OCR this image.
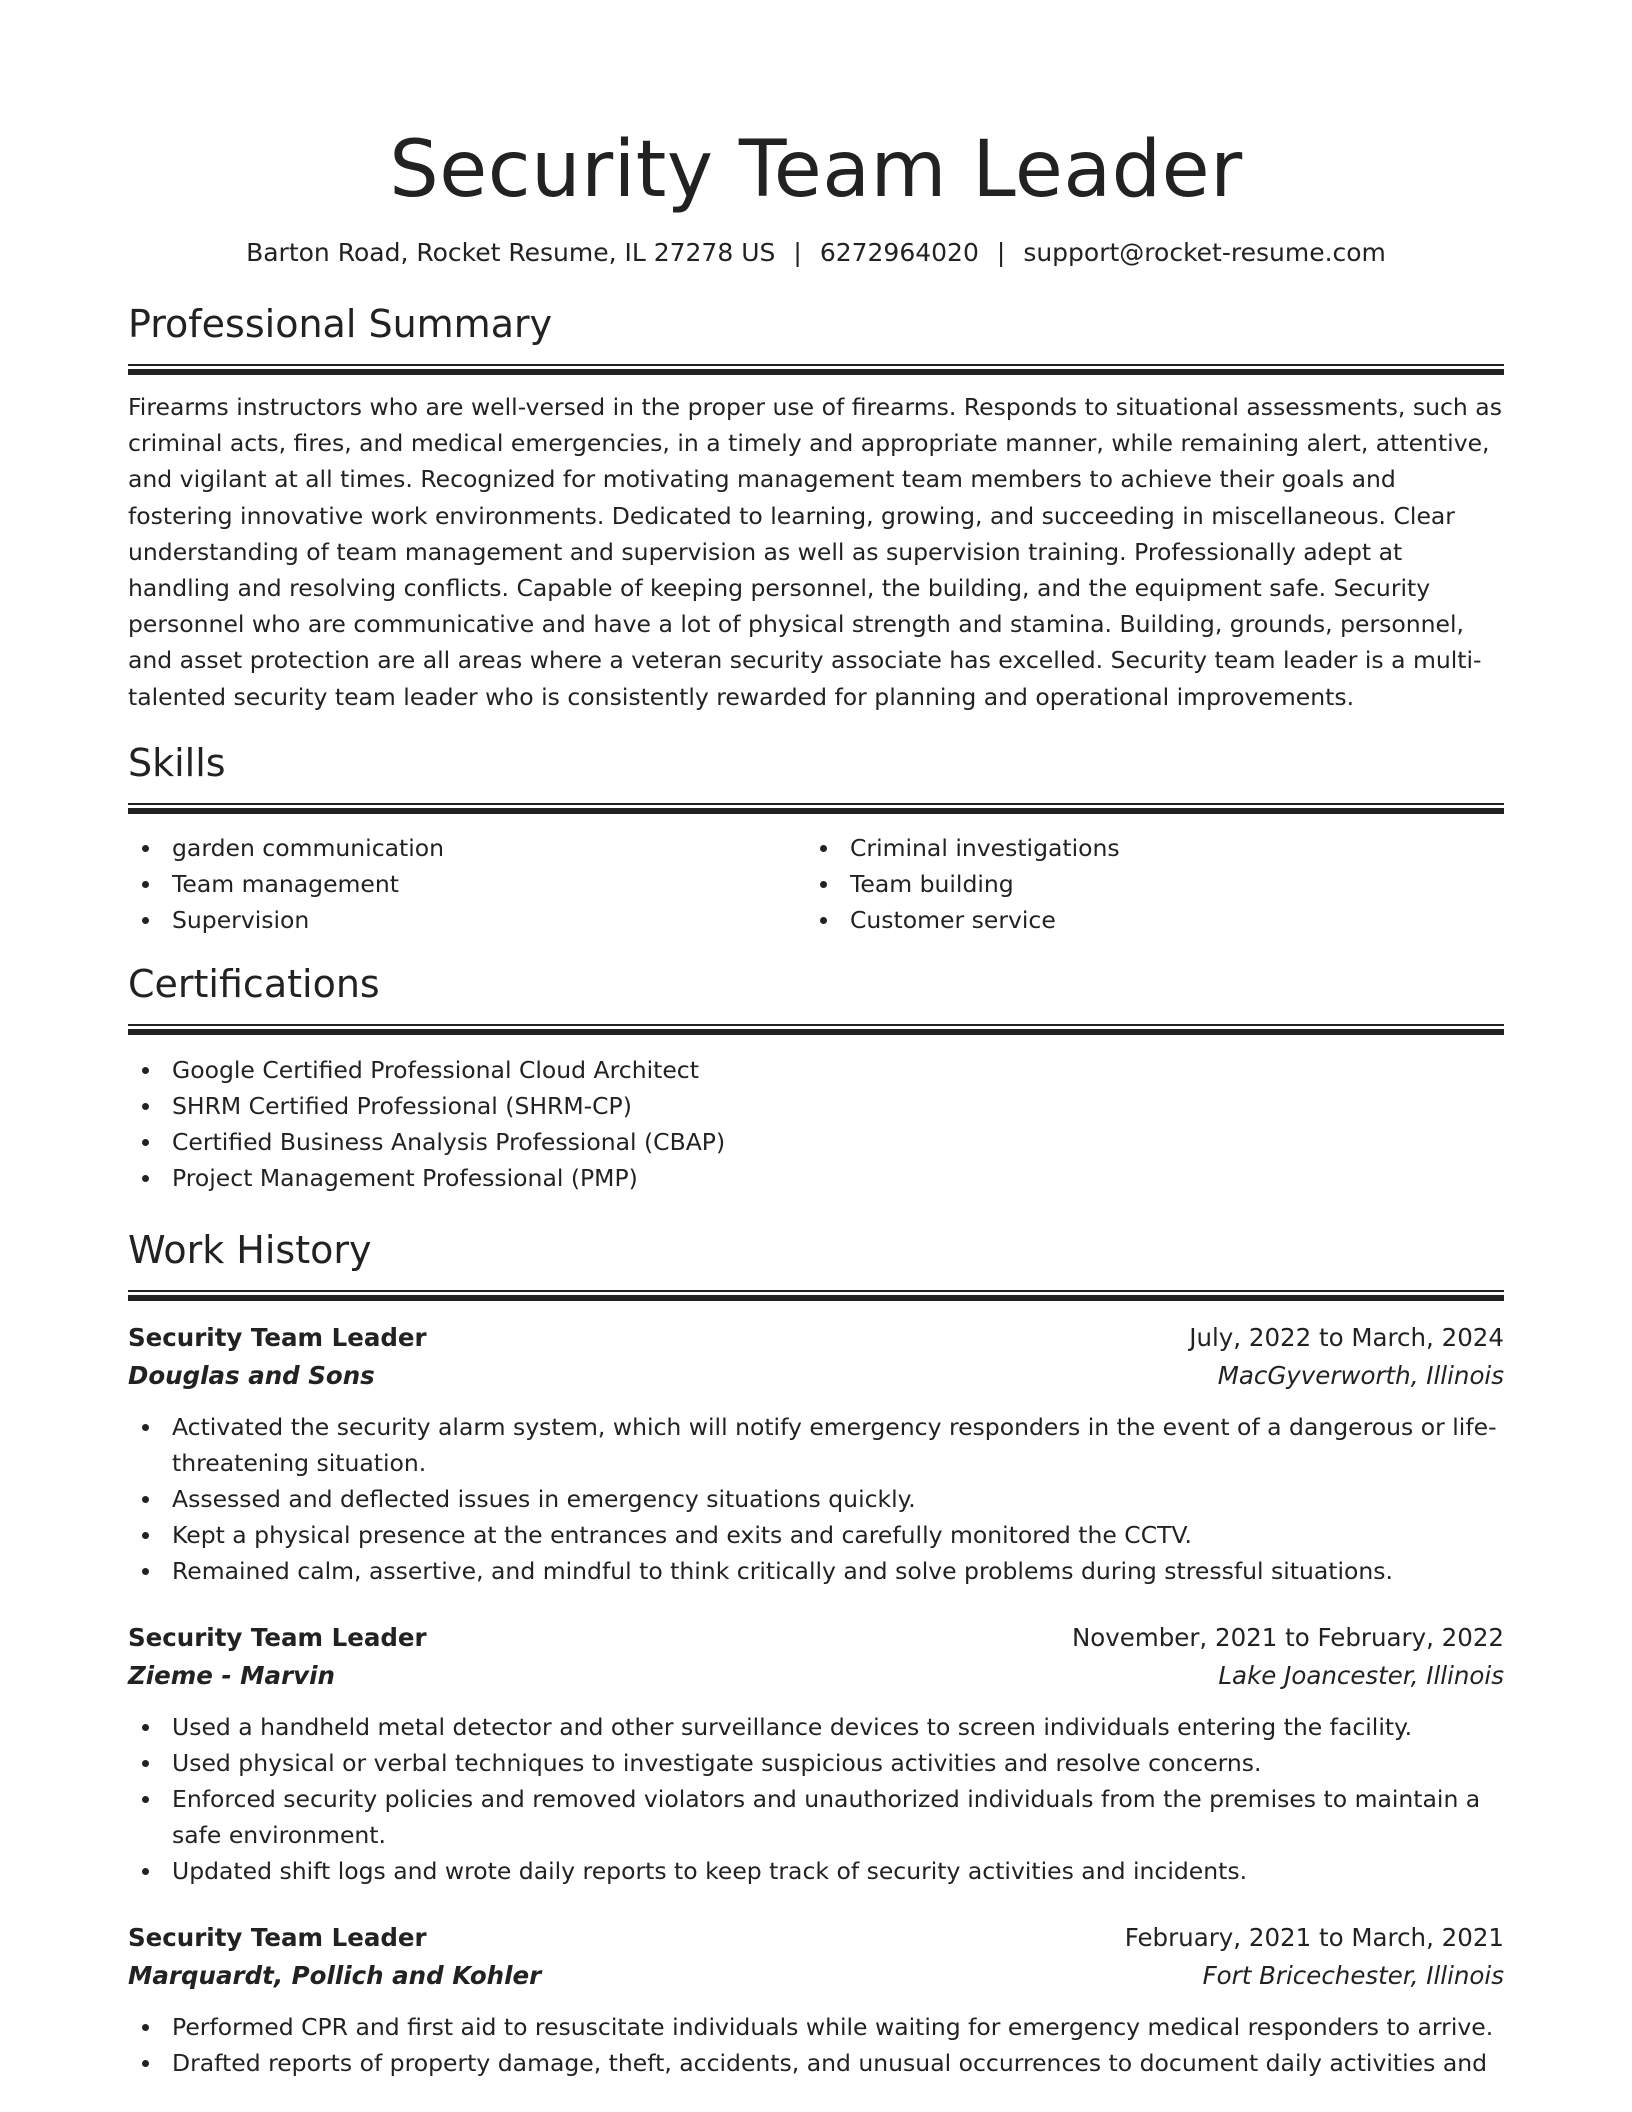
Security Team Leader
Barton Road, Rocket Resume, IL 27278 US | 6272964020 | support@rocket-resume.com
Professional Summary

Firearms instructors who are well-versed in the proper use of firearms. Responds to situational assessments, such as criminal acts, fires, and medical emergencies, in a timely and appropriate manner, while remaining alert, attentive, and vigilant at all times. Recognized for motivating management team members to achieve their goals and fostering innovative work environments. Dedicated to learning, growing, and succeeding in miscellaneous. Clear understanding of team management and supervision as well as supervision training. Professionally adept at handling and resolving conflicts. Capable of keeping personnel, the building, and the equipment safe. Security personnel who are communicative and have a lot of physical strength and stamina. Building, grounds, personnel, and asset protection are all areas where a veteran security associate has excelled. Security team leader is a multi-talented security team leader who is consistently rewarded for planning and operational improvements.

Skills
garden communication
Team management
Supervision
Criminal investigations
Team building
Customer service
Certifications
Google Certified Professional Cloud Architect
SHRM Certified Professional (SHRM-CP)
Certified Business Analysis Professional (CBAP)
Project Management Professional (PMP)
Work History
Security Team Leader	July, 2022 to March, 2024
Douglas and Sons	MacGyverworth, Illinois
Activated the security alarm system, which will notify emergency responders in the event of a dangerous or life-threatening situation.
Assessed and deflected issues in emergency situations quickly.
Kept a physical presence at the entrances and exits and carefully monitored the CCTV.
Remained calm, assertive, and mindful to think critically and solve problems during stressful situations.
Security Team Leader	November, 2021 to February, 2022
Zieme - Marvin	Lake Joancester, Illinois
Used a handheld metal detector and other surveillance devices to screen individuals entering the facility.
Used physical or verbal techniques to investigate suspicious activities and resolve concerns.
Enforced security policies and removed violators and unauthorized individuals from the premises to maintain a safe environment.
Updated shift logs and wrote daily reports to keep track of security activities and incidents.
Security Team Leader	February, 2021 to March, 2021
Marquardt, Pollich and Kohler	Fort Bricechester, Illinois
Performed CPR and first aid to resuscitate individuals while waiting for emergency medical responders to arrive.
Drafted reports of property damage, theft, accidents, and unusual occurrences to document daily activities and
